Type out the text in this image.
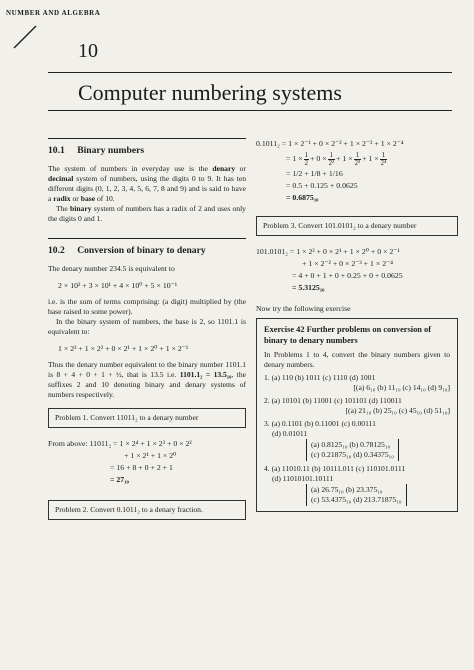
NUMBER AND ALGEBRA
10
Computer numbering systems
10.1 Binary numbers

The system of numbers in everyday use is the denary or decimal system of numbers, using the digits 0 to 9. It has ten different digits (0, 1, 2, 3, 4, 5, 6, 7, 8 and 9) and is said to have a radix or base of 10.

The binary system of numbers has a radix of 2 and uses only the digits 0 and 1.

10.2 Conversion of binary to denary

The denary number 234.5 is equivalent to

2 × 10² + 3 × 10¹ + 4 × 10⁰ + 5 × 10⁻¹

i.e. is the sum of terms comprising: (a digit) multiplied by (the base raised to some power).

In the binary system of numbers, the base is 2, so 1101.1 is equivalent to:

1 × 2³ + 1 × 2² + 0 × 2¹ + 1 × 2⁰ + 1 × 2⁻¹

Thus the denary number equivalent to the binary number 1101.1 is 8 + 4 + 0 + 1 + ½, that is 13.5 i.e. 1101.1₂ = 13.5₁₀, the suffixes 2 and 10 denoting binary and denary systems of numbers respectively.

Problem 1. Convert 11011₂ to a denary number
From above: 11011₂ = 1 × 2⁴ + 1 × 2³ + 0 × 2²
+ 1 × 2¹ + 1 × 2⁰
= 16 + 8 + 0 + 2 + 1
= 27₁₀
Problem 2. Convert 0.1011₂ to a denary fraction.
0.1011₂ = 1 × 2⁻¹ + 0 × 2⁻² + 1 × 2⁻³ + 1 × 2⁻⁴
= $1 \times \frac{1}{2} + 0 \times \frac{1}{\text{2²}} + 1 \times \frac{1}{\text{2³}} + 1 \times \frac{1}{\text{2⁴}}$
= 1/2 + 1/8 + 1/16
= 0.5 + 0.125 + 0.0625
= 0.6875₁₀
Problem 3. Convert 101.0101₂ to a denary number
101.0101₂ = 1 × 2² + 0 × 2¹ + 1 × 2⁰ + 0 × 2⁻¹
+ 1 × 2⁻² + 0 × 2⁻³ + 1 × 2⁻⁴
= 4 + 0 + 1 + 0 + 0.25 + 0 + 0.0625
= 5.3125₁₀

Now try the following exercise

Exercise 42 Further problems on conversion of binary to denary numbers

In Problems 1 to 4, convert the binary numbers given to denary numbers.

1. (a) 110 (b) 1011 (c) 1110 (d) 1001
[(a) 6₁₀ (b) 11₁₀ (c) 14₁₀ (d) 9₁₀]
2. (a) 10101 (b) 11001 (c) 101101 (d) 110011
[(a) 21₁₀ (b) 25₁₀ (c) 45₁₀ (d) 51₁₀]
3. (a) 0.1101 (b) 0.11001 (c) 0.00111
(d) 0.01011
(a) 0.8125₁₀ (b) 0.78125₁₀
(c) 0.21875₁₀ (d) 0.34375₁₀
4. (a) 11010.11 (b) 10111.011 (c) 110101.0111
(d) 11010101.10111
(a) 26.75₁₀ (b) 23.375₁₀
(c) 53.4375₁₀ (d) 213.71875₁₀
